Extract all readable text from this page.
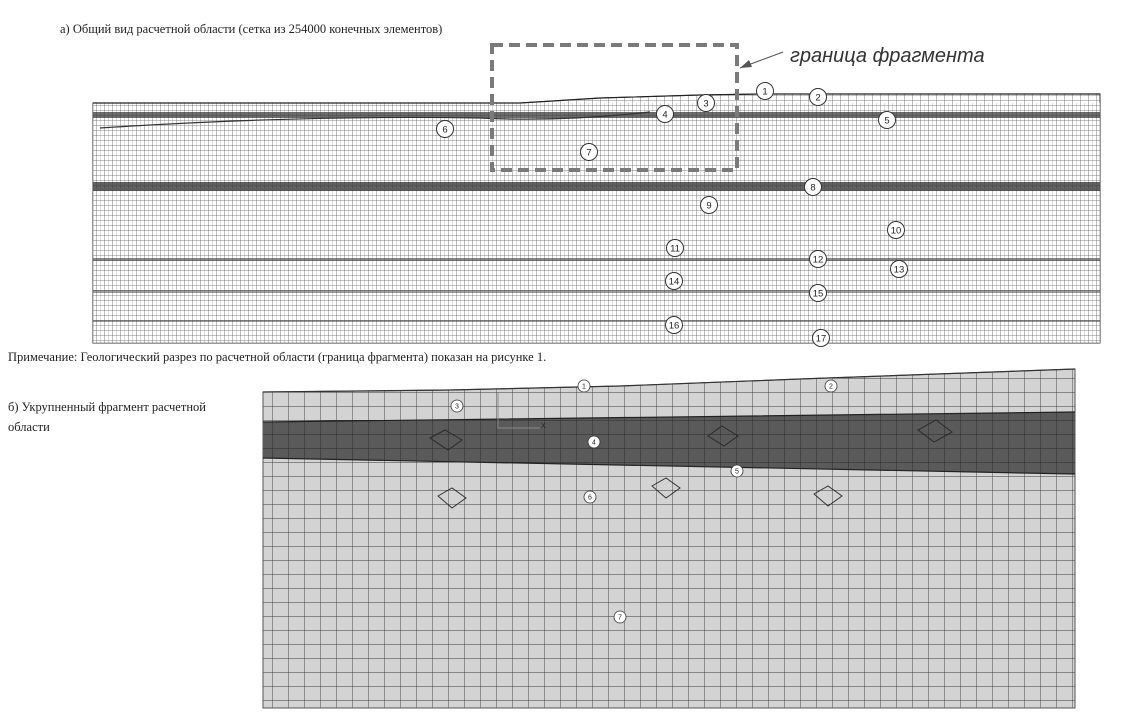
а) Общий вид расчетной области (сетка из 254000 конечных элементов)
граница фрагмента
Примечание: Геологический разрез по расчетной области (граница фрагмента) показан на рисунке 1.
б) Укрупненный фрагмент расчетной области
1
2
3
4
5
6
7
8
9
10
11
12
13
14
15
16
17
1	2
3
4
5
6
7
X
